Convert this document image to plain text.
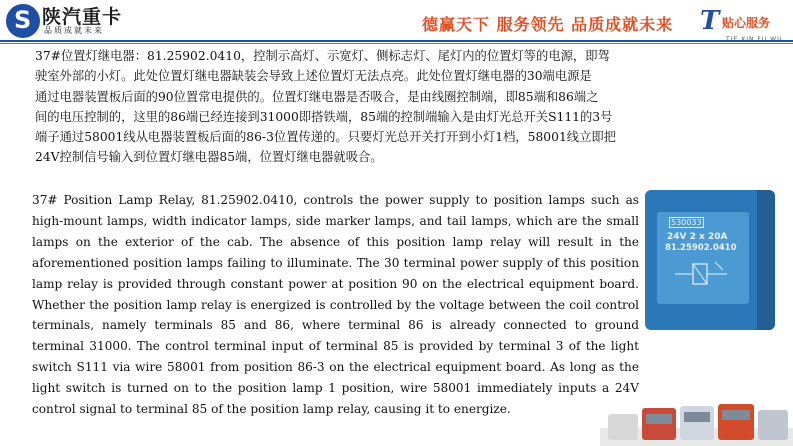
S 陕汽重卡
品质成就未来	德赢天下 服务领先 品质成就未来 T 贴心服务

37#位置灯继电器：81.25902.0410，控制示高灯、示宽灯、侧标志灯、尾灯内的位置灯等的电源，即驾

驶室外部的小灯。此处位置灯继电器缺装会导致上述位置灯无法点亮。此处位置灯继电器的30端电源是

通过电器装置板后面的90位置常电提供的。位置灯继电器是否吸合，是由线圈控制端，即85端和86端之

间的电压控制的，这里的86端已经连接到31000即搭铁端，85端的控制端输入是由灯光总开关S111的3号

端子通过58001线从电器装置板后面的86-3位置传递的。只要灯光总开关打开到小灯1档，58001线立即把

24V控制信号输入到位置灯继电器85端，位置灯继电器就吸合。

37# Position Lamp Relay, 81.25902.0410, controls the power supply to position lamps such as high-mount lamps, width indicator lamps, side marker lamps, and tail lamps, which are the small lamps on the exterior of the cab. The absence of this position lamp relay will result in the aforementioned position lamps failing to illuminate. The 30 terminal power supply of this position lamp relay is provided through constant power at position 90 on the electrical equipment board. Whether the position lamp relay is energized is controlled by the voltage between the coil control terminals, namely terminals 85 and 86, where terminal 86 is already connected to ground terminal 31000. The control terminal input of terminal 85 is provided by terminal 3 of the light switch S111 via wire 58001 from position 86-3 on the electrical equipment board. As long as the light switch is turned on to the position lamp 1 position, wire 58001 immediately inputs a 24V control signal to terminal 85 of the position lamp relay, causing it to energize.

530033
24V 2 x 20A
81.25902.0410
